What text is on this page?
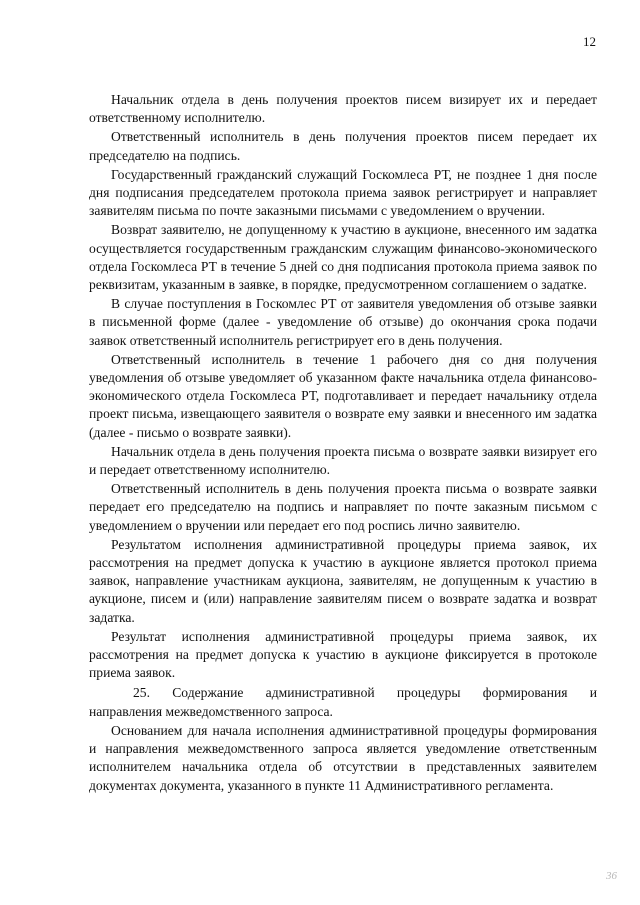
12

Начальник отдела в день получения проектов писем визирует их и передает ответственному исполнителю.

Ответственный исполнитель в день получения проектов писем передает их председателю на подпись.

Государственный гражданский служащий Госкомлеса РТ, не позднее 1 дня после дня подписания председателем протокола приема заявок регистрирует и направляет заявителям письма по почте заказными письмами с уведомлением о вручении.

Возврат заявителю, не допущенному к участию в аукционе, внесенного им задатка осуществляется государственным гражданским служащим финансово-экономического отдела Госкомлеса РТ в течение 5 дней со дня подписания протокола приема заявок по реквизитам, указанным в заявке, в порядке, предусмотренном соглашением о задатке.

В случае поступления в Госкомлес РТ от заявителя уведомления об отзыве заявки в письменной форме (далее - уведомление об отзыве) до окончания срока подачи заявок ответственный исполнитель регистрирует его в день получения.

Ответственный исполнитель в течение 1 рабочего дня со дня получения уведомления об отзыве уведомляет об указанном факте начальника отдела финансово-экономического отдела Госкомлеса РТ, подготавливает и передает начальнику отдела проект письма, извещающего заявителя о возврате ему заявки и внесенного им задатка (далее - письмо о возврате заявки).

Начальник отдела в день получения проекта письма о возврате заявки визирует его и передает ответственному исполнителю.

Ответственный исполнитель в день получения проекта письма о возврате заявки передает его председателю на подпись и направляет по почте заказным письмом с уведомлением о вручении или передает его под роспись лично заявителю.

Результатом исполнения административной процедуры приема заявок, их рассмотрения на предмет допуска к участию в аукционе является протокол приема заявок, направление участникам аукциона, заявителям, не допущенным к участию в аукционе, писем и (или) направление заявителям писем о возврате задатка и возврат задатка.

Результат исполнения административной процедуры приема заявок, их рассмотрения на предмет допуска к участию в аукционе фиксируется в протоколе приема заявок.

25.	Содержание	административной	процедуры	формирования	и

направления межведомственного запроса.

Основанием для начала исполнения административной процедуры формирования и направления межведомственного запроса является уведомление ответственным исполнителем начальника отдела об отсутствии в представленных заявителем документах документа, указанного в пункте 11 Административного регламента.

36
